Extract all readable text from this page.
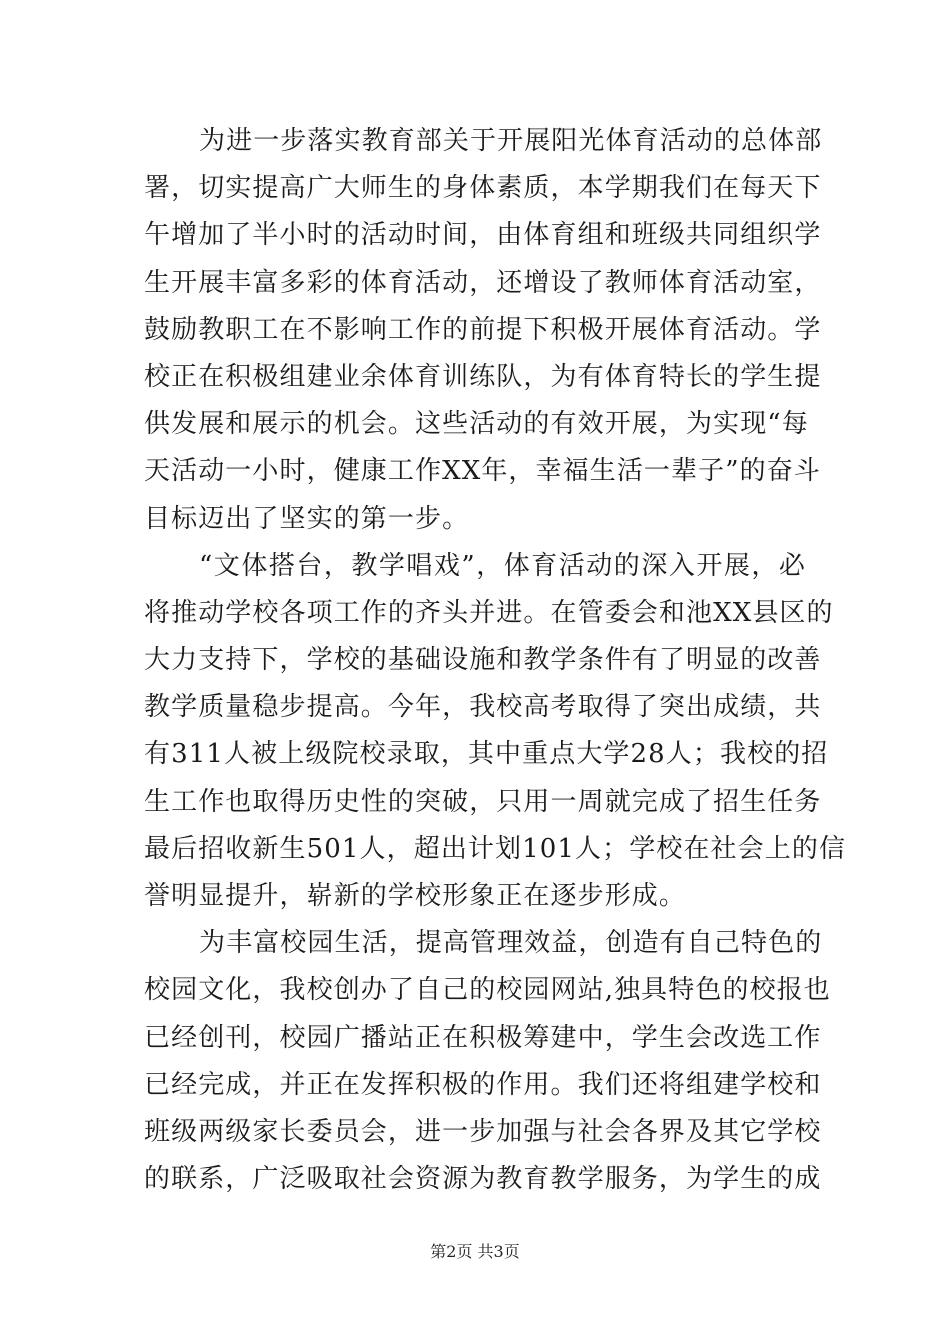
为进一步落实教育部关于开展阳光体育活动的总体部
署，切实提高广大师生的身体素质，本学期我们在每天下
午增加了半小时的活动时间，由体育组和班级共同组织学
生开展丰富多彩的体育活动，还增设了教师体育活动室，
鼓励教职工在不影响工作的前提下积极开展体育活动。学
校正在积极组建业余体育训练队，为有体育特长的学生提
供发展和展示的机会。这些活动的有效开展，为实现“每
天活动一小时，健康工作XX年，幸福生活一辈子”的奋斗
目标迈出了坚实的第一步。
“文体搭台，教学唱戏”，体育活动的深入开展，必
将推动学校各项工作的齐头并进。在管委会和池XX县区的
大力支持下，学校的基础设施和教学条件有了明显的改善
教学质量稳步提高。今年，我校高考取得了突出成绩，共
有311人被上级院校录取，其中重点大学28人；我校的招
生工作也取得历史性的突破，只用一周就完成了招生任务
最后招收新生501人，超出计划101人；学校在社会上的信
誉明显提升，崭新的学校形象正在逐步形成。
为丰富校园生活，提高管理效益，创造有自己特色的
校园文化，我校创办了自己的校园网站,独具特色的校报也
已经创刊，校园广播站正在积极筹建中，学生会改选工作
已经完成，并正在发挥积极的作用。我们还将组建学校和
班级两级家长委员会，进一步加强与社会各界及其它学校
的联系，广泛吸取社会资源为教育教学服务，为学生的成
第2页 共3页
